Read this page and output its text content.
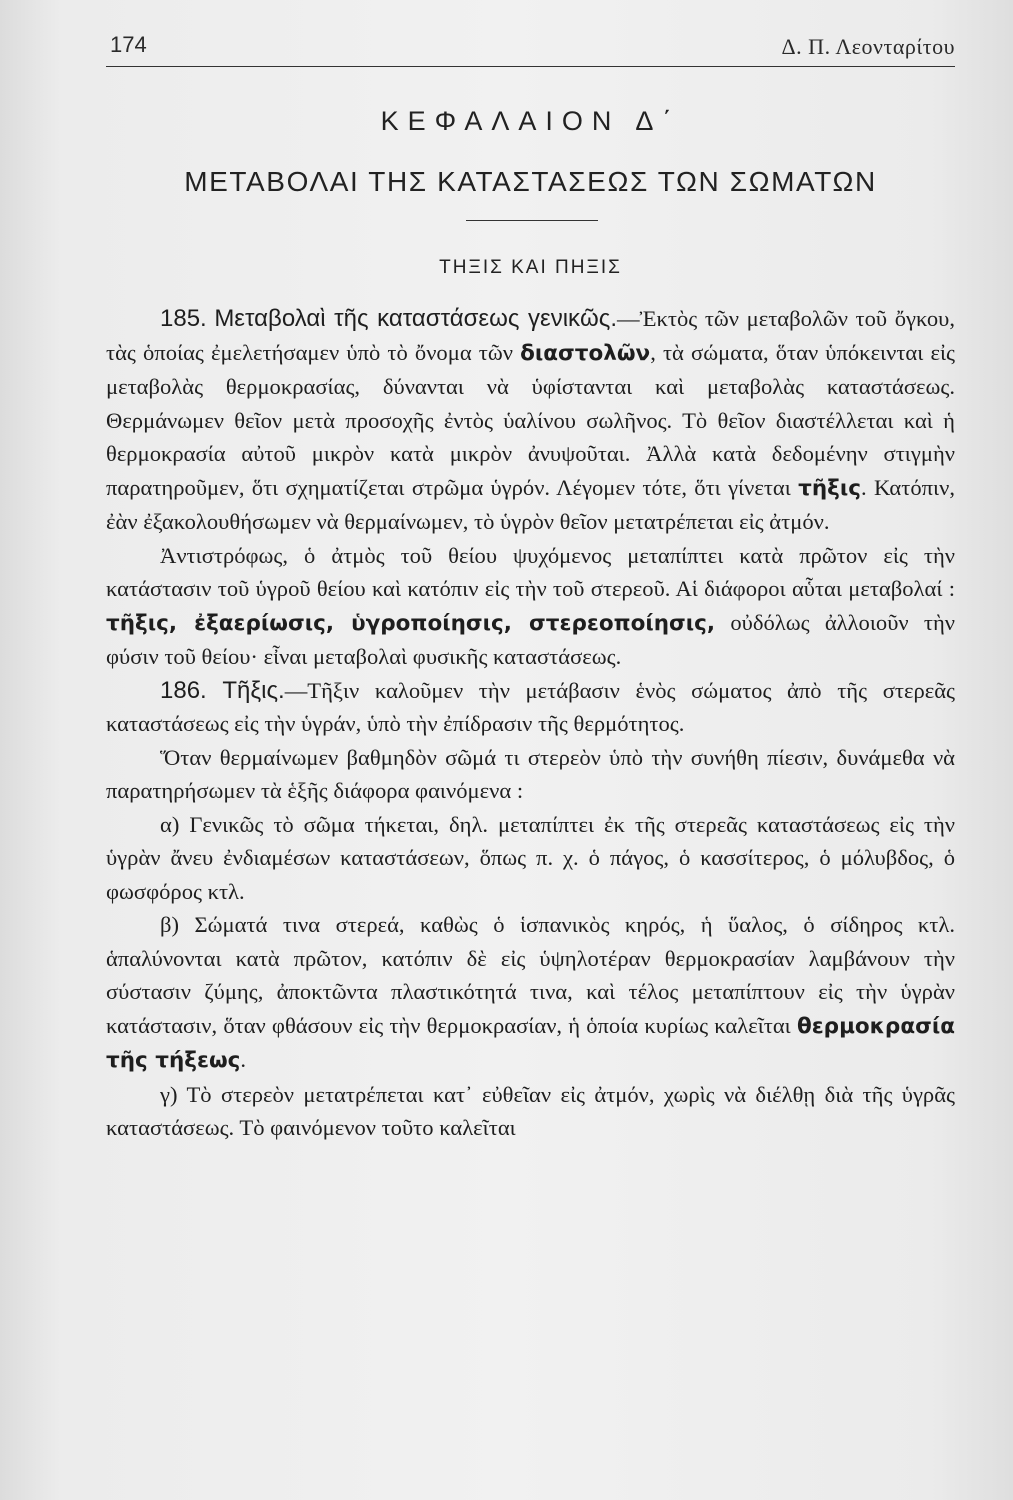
174	Δ. Π. Λεονταρίτου
ΚΕΦΑΛΑΙΟΝ Δ΄
ΜΕΤΑΒΟΛΑΙ ΤΗΣ ΚΑΤΑΣΤΑΣΕΩΣ ΤΩΝ ΣΩΜΑΤΩΝ
ΤΗΞΙΣ ΚΑΙ ΠΗΞΙΣ

185. Μεταβολαὶ τῆς καταστάσεως γενικῶς.—Ἐκτὸς τῶν μεταβολῶν τοῦ ὄγκου, τὰς ὁποίας ἐμελετήσαμεν ὑπὸ τὸ ὄνομα τῶν διαστολῶν, τὰ σώματα, ὅταν ὑπόκεινται εἰς μεταβολὰς θερμοκρασίας, δύνανται νὰ ὑφίστανται καὶ μεταβολὰς καταστάσεως. Θερμάνωμεν θεῖον μετὰ προσοχῆς ἐντὸς ὑαλίνου σωλῆνος. Τὸ θεῖον διαστέλλεται καὶ ἡ θερμοκρασία αὐτοῦ μικρὸν κατὰ μικρὸν ἀνυψοῦται. Ἀλλὰ κατὰ δεδομένην στιγμὴν παρατηροῦμεν, ὅτι σχηματίζεται στρῶμα ὑγρόν. Λέγομεν τότε, ὅτι γίνεται τῆξις. Κατόπιν, ἐὰν ἐξακολουθήσωμεν νὰ θερμαίνωμεν, τὸ ὑγρὸν θεῖον μετατρέπεται εἰς ἀτμόν.

Ἀντιστρόφως, ὁ ἀτμὸς τοῦ θείου ψυχόμενος μεταπίπτει κατὰ πρῶτον εἰς τὴν κατάστασιν τοῦ ὑγροῦ θείου καὶ κατόπιν εἰς τὴν τοῦ στερεοῦ. Αἱ διάφοροι αὗται μεταβολαί : τῆξις, ἐξαερίωσις, ὑγροποίησις, στερεοποίησις, οὐδόλως ἀλλοιοῦν τὴν φύσιν τοῦ θείου· εἶναι μεταβολαὶ φυσικῆς καταστάσεως.

186. Τῆξις.—Τῆξιν καλοῦμεν τὴν μετάβασιν ἑνὸς σώματος ἀπὸ τῆς στερεᾶς καταστάσεως εἰς τὴν ὑγράν, ὑπὸ τὴν ἐπίδρασιν τῆς θερμότητος.

Ὅταν θερμαίνωμεν βαθμηδὸν σῶμά τι στερεὸν ὑπὸ τὴν συνήθη πίεσιν, δυνάμεθα νὰ παρατηρήσωμεν τὰ ἑξῆς διάφορα φαινόμενα :

α) Γενικῶς τὸ σῶμα τήκεται, δηλ. μεταπίπτει ἐκ τῆς στερεᾶς καταστάσεως εἰς τὴν ὑγρὰν ἄνευ ἐνδιαμέσων καταστάσεων, ὅπως π. χ. ὁ πάγος, ὁ κασσίτερος, ὁ μόλυβδος, ὁ φωσφόρος κτλ.

β) Σώματά τινα στερεά, καθὼς ὁ ἱσπανικὸς κηρός, ἡ ὕαλος, ὁ σίδηρος κτλ. ἁπαλύνονται κατὰ πρῶτον, κατόπιν δὲ εἰς ὑψηλοτέραν θερμοκρασίαν λαμβάνουν τὴν σύστασιν ζύμης, ἀποκτῶντα πλαστικότητά τινα, καὶ τέλος μεταπίπτουν εἰς τὴν ὑγρὰν κατάστασιν, ὅταν φθάσουν εἰς τὴν θερμοκρασίαν, ἡ ὁποία κυρίως καλεῖται θερμοκρασία τῆς τήξεως.

γ) Τὸ στερεὸν μετατρέπεται κατ᾿ εὐθεῖαν εἰς ἀτμόν, χωρὶς νὰ διέλθῃ διὰ τῆς ὑγρᾶς καταστάσεως. Τὸ φαινόμενον τοῦτο καλεῖται
